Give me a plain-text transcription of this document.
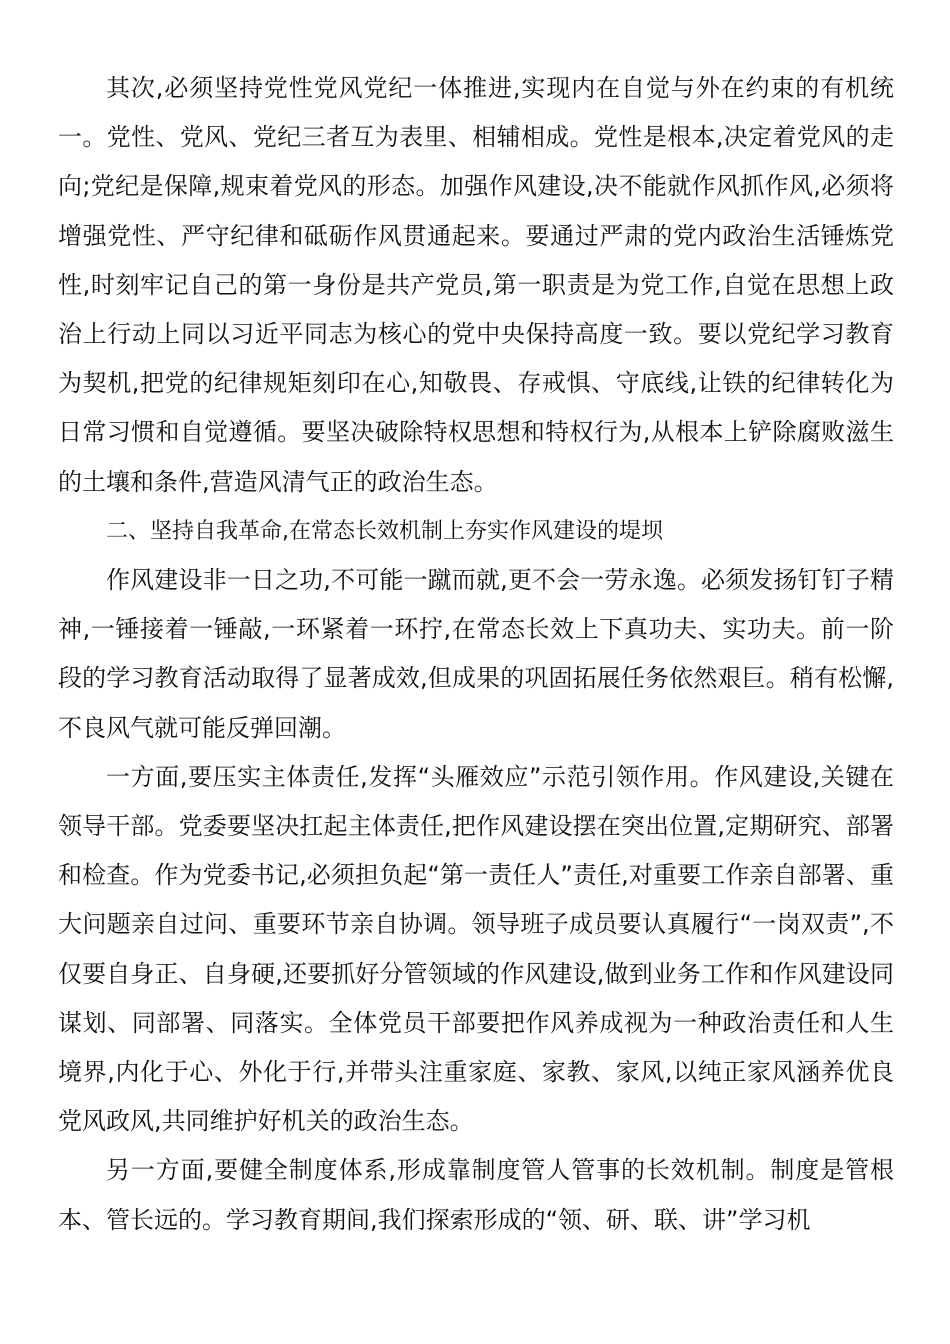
其次,必须坚持党性党风党纪一体推进,实现内在自觉与外在约束的有机统一。党性、党风、党纪三者互为表里、相辅相成。党性是根本,决定着党风的走向;党纪是保障,规束着党风的形态。加强作风建设,决不能就作风抓作风,必须将增强党性、严守纪律和砥砺作风贯通起来。要通过严肃的党内政治生活锤炼党性,时刻牢记自己的第一身份是共产党员,第一职责是为党工作,自觉在思想上政治上行动上同以习近平同志为核心的党中央保持高度一致。要以党纪学习教育为契机,把党的纪律规矩刻印在心,知敬畏、存戒惧、守底线,让铁的纪律转化为日常习惯和自觉遵循。要坚决破除特权思想和特权行为,从根本上铲除腐败滋生的土壤和条件,营造风清气正的政治生态。

二、坚持自我革命,在常态长效机制上夯实作风建设的堤坝

作风建设非一日之功,不可能一蹴而就,更不会一劳永逸。必须发扬钉钉子精神,一锤接着一锤敲,一环紧着一环拧,在常态长效上下真功夫、实功夫。前一阶段的学习教育活动取得了显著成效,但成果的巩固拓展任务依然艰巨。稍有松懈,不良风气就可能反弹回潮。

一方面,要压实主体责任,发挥“头雁效应”示范引领作用。作风建设,关键在领导干部。党委要坚决扛起主体责任,把作风建设摆在突出位置,定期研究、部署和检查。作为党委书记,必须担负起“第一责任人”责任,对重要工作亲自部署、重大问题亲自过问、重要环节亲自协调。领导班子成员要认真履行“一岗双责”,不仅要自身正、自身硬,还要抓好分管领域的作风建设,做到业务工作和作风建设同谋划、同部署、同落实。全体党员干部要把作风养成视为一种政治责任和人生境界,内化于心、外化于行,并带头注重家庭、家教、家风,以纯正家风涵养优良党风政风,共同维护好机关的政治生态。

另一方面,要健全制度体系,形成靠制度管人管事的长效机制。制度是管根本、管长远的。学习教育期间,我们探索形成的“领、研、联、讲”学习机
